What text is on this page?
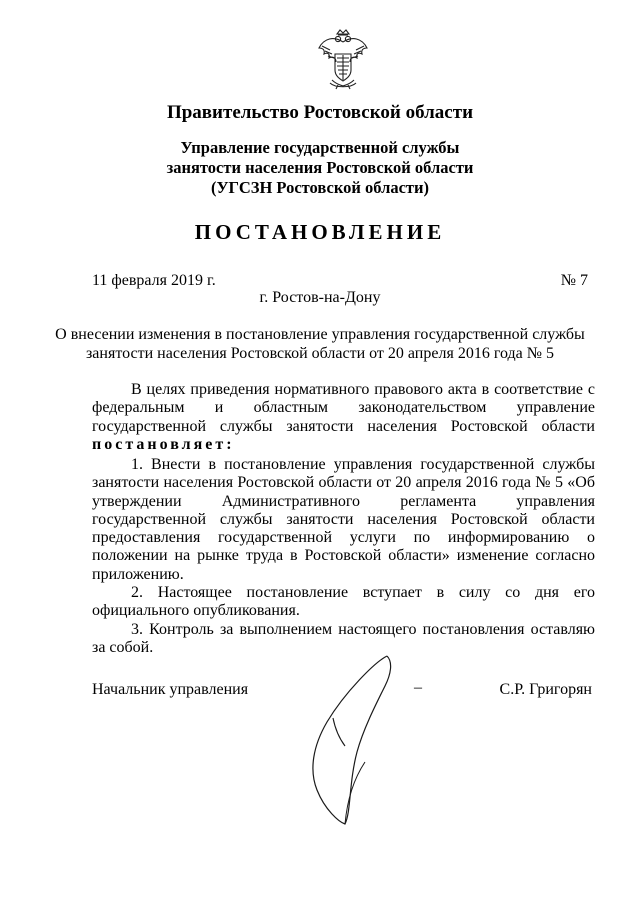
Правительство Ростовской области
Управление государственной службы
занятости населения Ростовской области
(УГСЗН Ростовской области)
ПОСТАНОВЛЕНИЕ
11 февраля 2019 г.	№ 7
г. Ростов-на-Дону
О внесении изменения в постановление управления государственной службы
занятости населения Ростовской области от 20 апреля 2016 года № 5
В целях приведения нормативного правового акта в соответствие с федеральным и областным законодательством управление государственной службы занятости населения Ростовской области постановляет:

1. Внести в постановление управления государственной службы занятости населения Ростовской области от 20 апреля 2016 года № 5 «Об утверждении Административного регламента управления государственной службы занятости населения Ростовской области предоставления государственной услуги по информированию о положении на рынке труда в Ростовской области» изменение согласно приложению.

2. Настоящее постановление вступает в силу со дня его официального опубликования.

3. Контроль за выполнением настоящего постановления оставляю за собой.

Начальник управления	–	С.Р. Григорян
